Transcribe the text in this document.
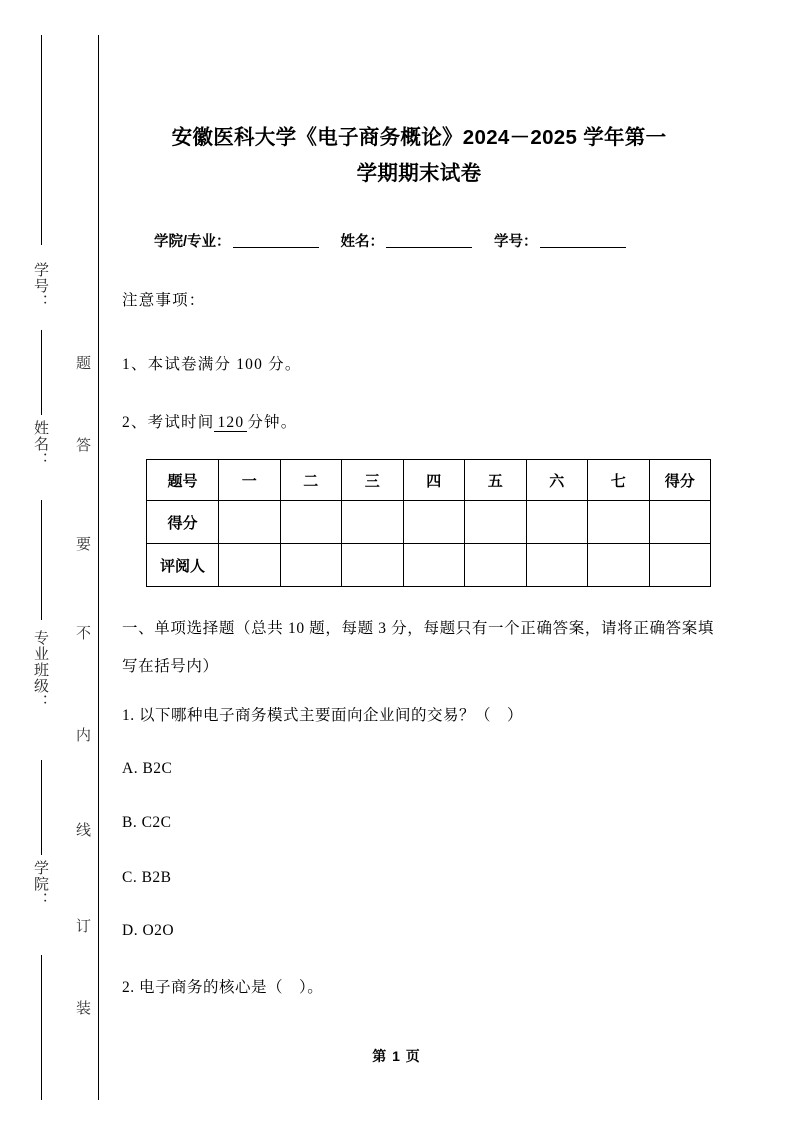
学号：
姓名：
专业班级：
学院：
题
答
要
不
内
线
订
装
安徽医科大学《电子商务概论》2024－2025 学年第一
学期期末试卷
学院/专业：	姓名：	学号：
注意事项：
1、本试卷满分 100 分。
2、考试时间 120 分钟。
题号	一	二	三	四	五	六	七	得分
得分								
评阅人								
一、单项选择题（总共 10 题，每题 3 分，每题只有一个正确答案，请将正确答案填写在括号内）
1. 以下哪种电子商务模式主要面向企业间的交易？（　）
A. B2C
B. C2C
C. B2B
D. O2O
2. 电子商务的核心是（　）。
第 1 页
